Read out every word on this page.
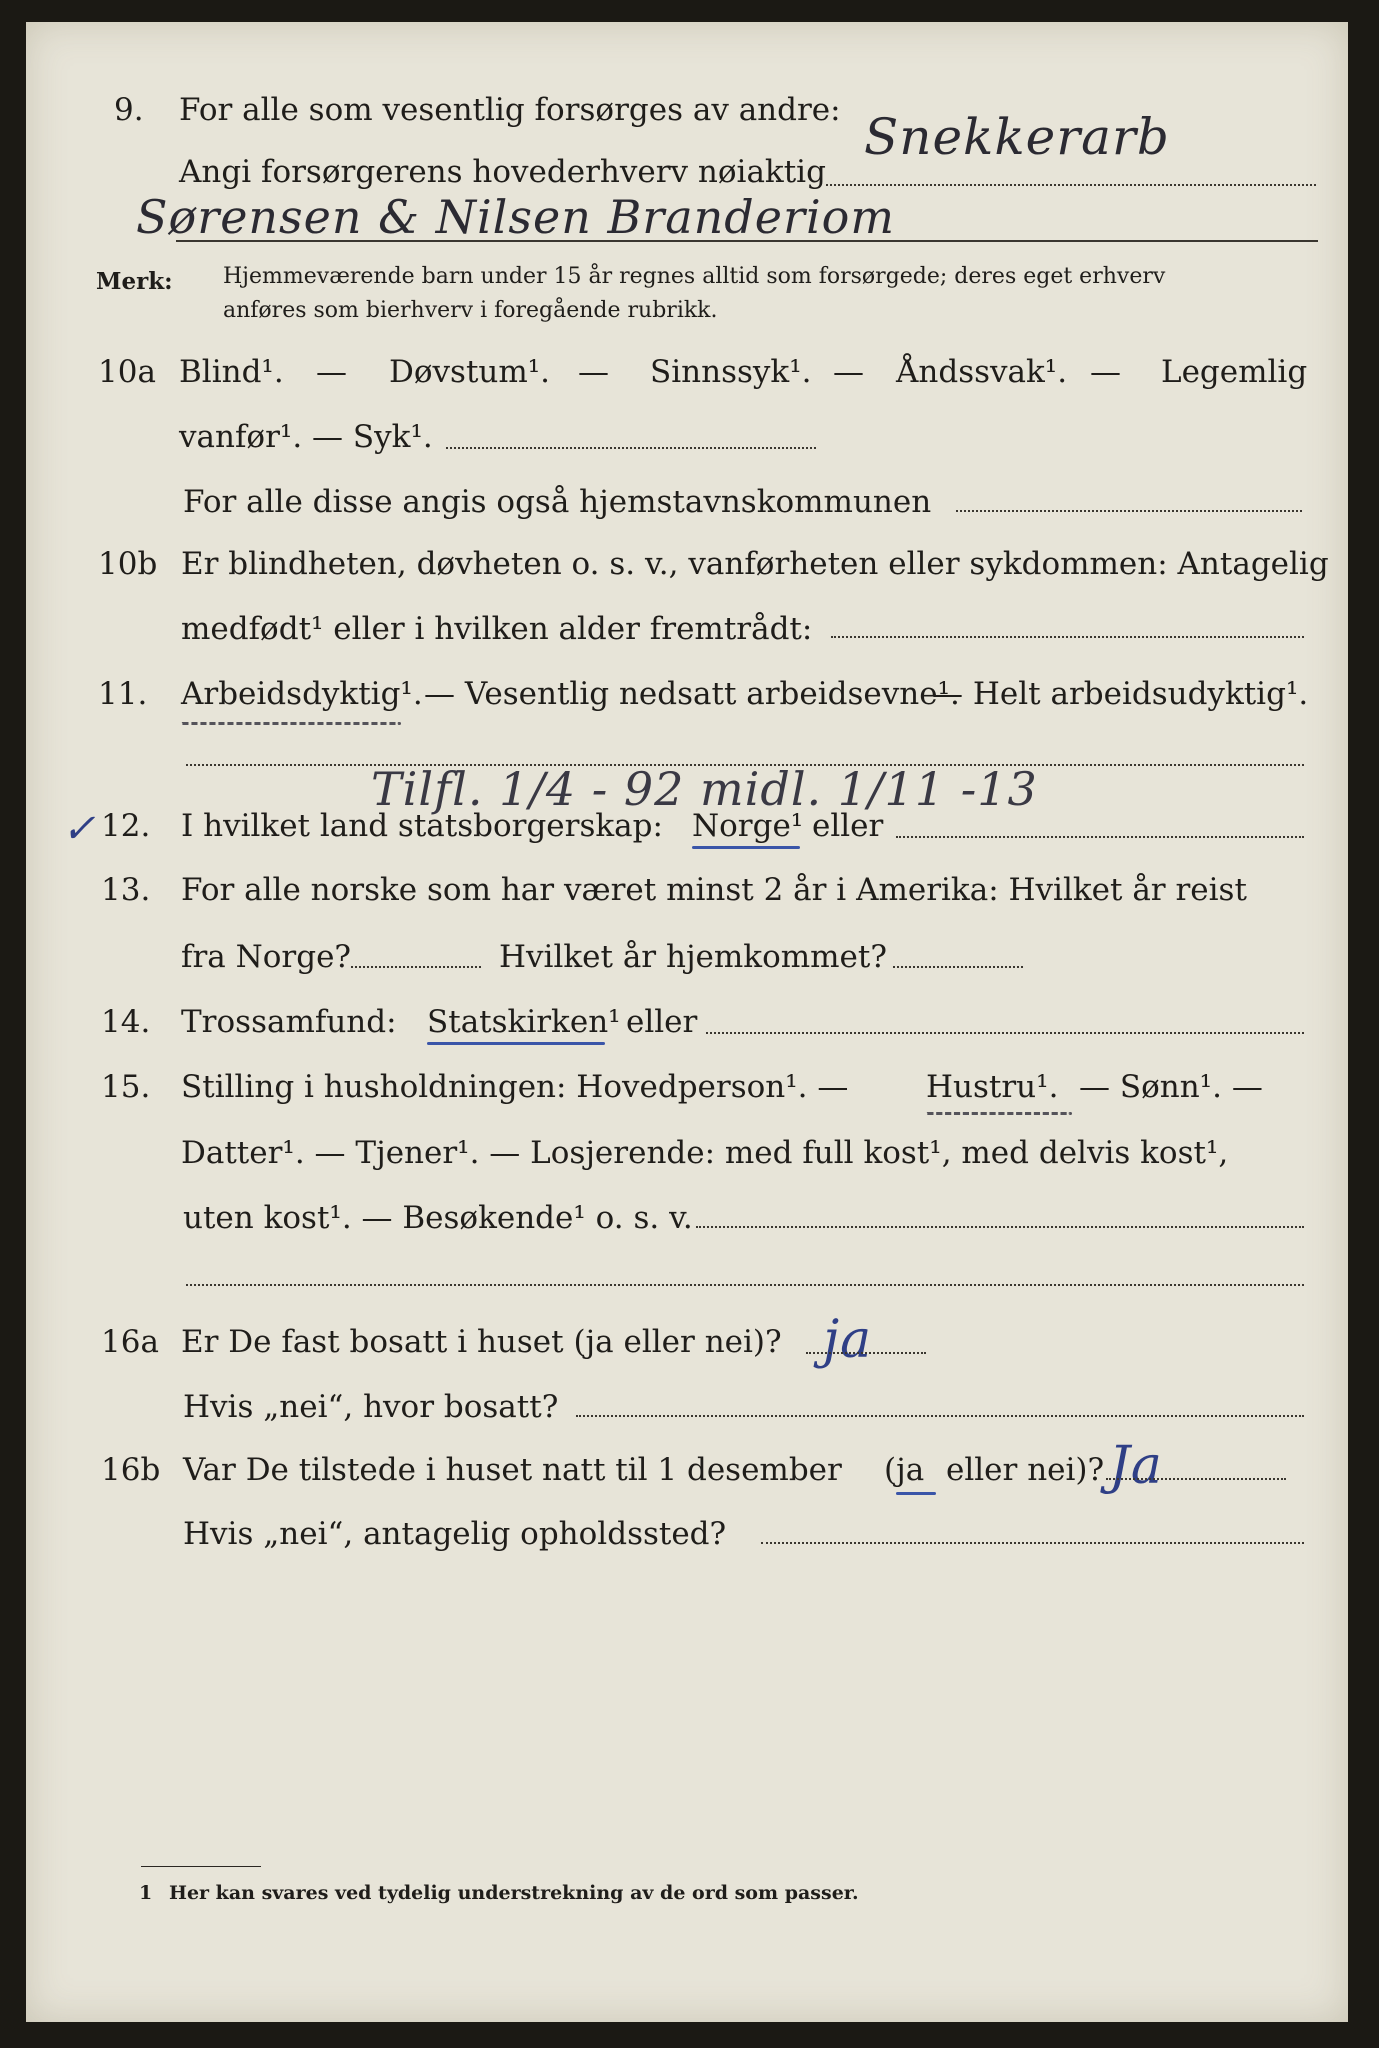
9. For alle som vesentlig forsørges av andre: Snekkerarb
Angi forsørgerens hovederhverv nøiaktig
Sørensen & Nilsen Branderiom
Merk: Hjemmeværende barn under 15 år regnes alltid som forsørgede; deres eget erhverv
anføres som bierhverv i foregående rubrikk.
10a Blind¹. — Døvstum¹. — Sinnssyk¹. — Åndssvak¹. — Legemlig
vanfør¹. — Syk¹.
For alle disse angis også hjemstavnskommunen
10b Er blindheten, døvheten o. s. v., vanførheten eller sykdommen: Antagelig
medfødt¹ eller i hvilken alder fremtrådt:
11. Arbeidsdyktig¹. — Vesentlig nedsatt arbeidsevne¹.
— Helt arbeidsudyktig¹.
Tilfl. 1/4 - 92 midl. 1/11 -13
✓ 12. I hvilket land statsborgerskap: Norge¹ eller
13. For alle norske som har været minst 2 år i Amerika: Hvilket år reist
fra Norge?	Hvilket år hjemkommet?
14. Trossamfund: Statskirken¹ eller
15. Stilling i husholdningen: Hovedperson¹. —	Hustru¹. — Sønn¹. —
Datter¹. — Tjener¹. — Losjerende: med full kost¹, med delvis kost¹,
uten kost¹. — Besøkende¹ o. s. v.
16a Er De fast bosatt i huset (ja eller nei)? ja
Hvis „nei“, hvor bosatt?
16b Var De tilstede i huset natt til 1 desember (ja eller nei)? Ja
Hvis „nei“, antagelig opholdssted?
1 Her kan svares ved tydelig understrekning av de ord som passer.
